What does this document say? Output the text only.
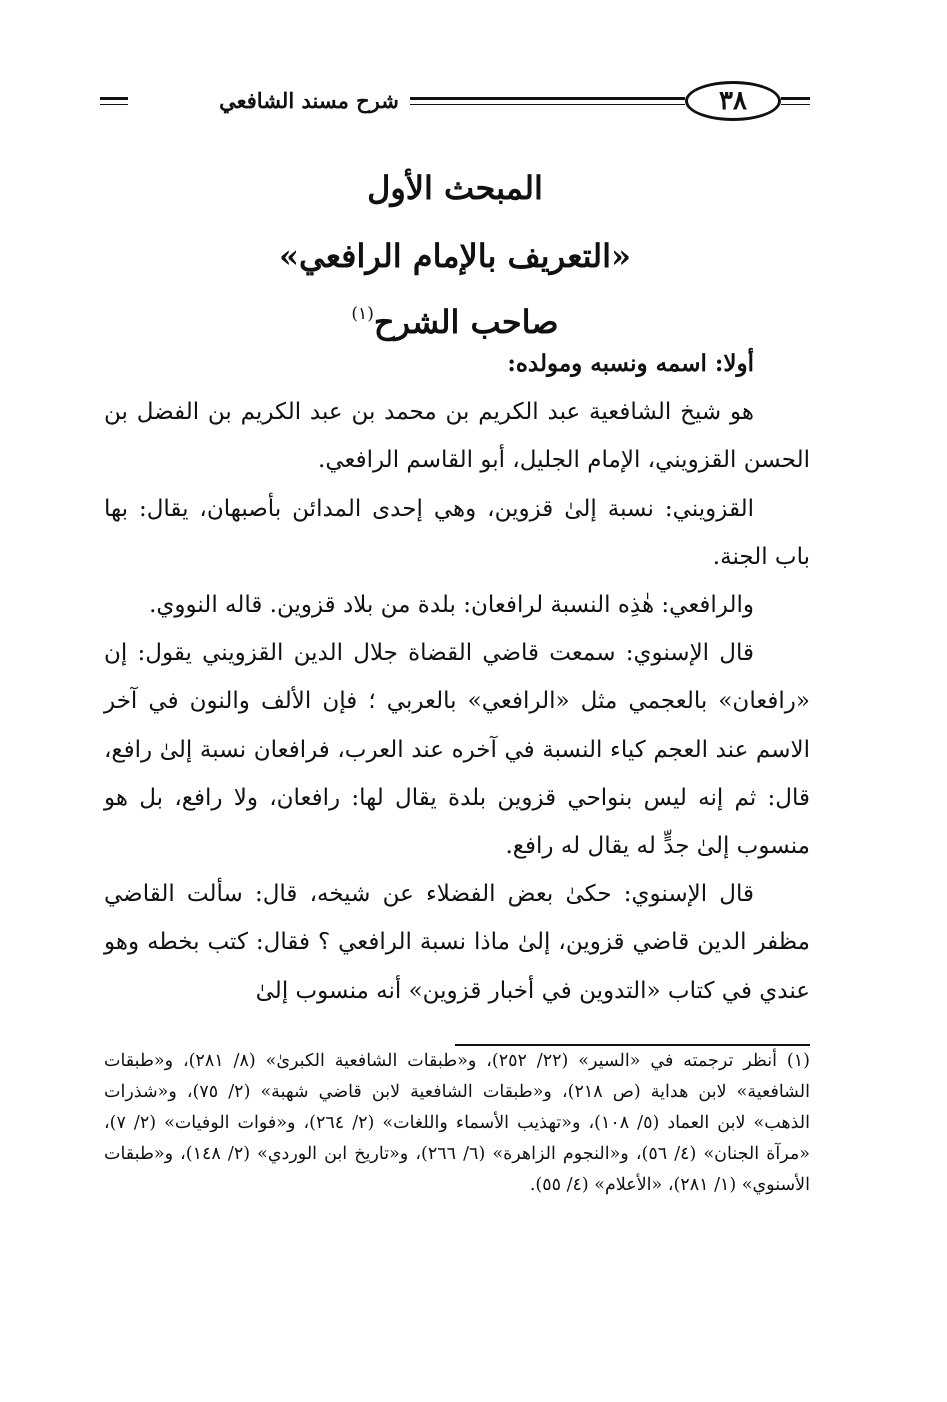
شرح مسند الشافعي	٣٨
المبحث الأول
«التعريف بالإمام الرافعي»
صاحب الشرح$^{(١)}$

أولا: اسمه ونسبه ومولده:

هو شيخ الشافعية عبد الكريم بن محمد بن عبد الكريم بن الفضل بن الحسن القزويني، الإمام الجليل، أبو القاسم الرافعي.

القزويني: نسبة إلىٰ قزوين، وهي إحدى المدائن بأصبهان، يقال: بها باب الجنة.

والرافعي: هٰذِه النسبة لرافعان: بلدة من بلاد قزوين. قاله النووي.

قال الإسنوي: سمعت قاضي القضاة جلال الدين القزويني يقول: إن «رافعان» بالعجمي مثل «الرافعي» بالعربي ؛ فإن الألف والنون في آخر الاسم عند العجم كياء النسبة في آخره عند العرب، فرافعان نسبة إلىٰ رافع، قال: ثم إنه ليس بنواحي قزوين بلدة يقال لها: رافعان، ولا رافع، بل هو منسوب إلىٰ جدٍّ له يقال له رافع.

قال الإسنوي: حكىٰ بعض الفضلاء عن شيخه، قال: سألت القاضي مظفر الدين قاضي قزوين، إلىٰ ماذا نسبة الرافعي ؟ فقال: كتب بخطه وهو عندي في كتاب «التدوين في أخبار قزوين» أنه منسوب إلىٰ

(١) أنظر ترجمته في «السير» (٢٢/ ٢٥٢)، و«طبقات الشافعية الكبرىٰ» (٨/ ٢٨١)، و«طبقات الشافعية» لابن هداية (ص ٢١٨)، و«طبقات الشافعية لابن قاضي شهبة» (٢/ ٧٥)، و«شذرات الذهب» لابن العماد (٥/ ١٠٨)، و«تهذيب الأسماء واللغات» (٢/ ٢٦٤)، و«فوات الوفيات» (٢/ ٧)، «مرآة الجنان» (٤/ ٥٦)، و«النجوم الزاهرة» (٦/ ٢٦٦)، و«تاريخ ابن الوردي» (٢/ ١٤٨)، و«طبقات الأسنوي» (١/ ٢٨١)، «الأعلام» (٤/ ٥٥).
